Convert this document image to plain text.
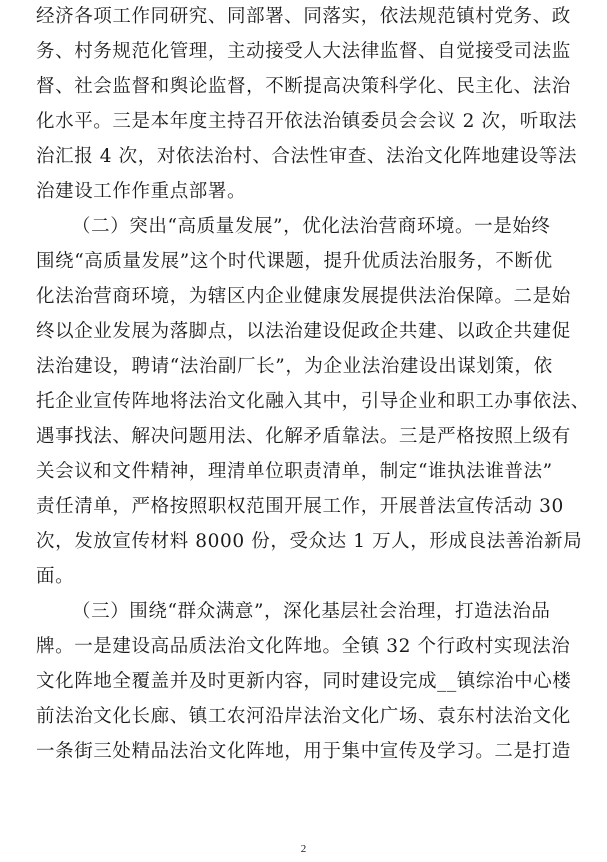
经济各项工作同研究、同部署、同落实，依法规范镇村党务、政
务、村务规范化管理，主动接受人大法律监督、自觉接受司法监
督、社会监督和舆论监督，不断提高决策科学化、民主化、法治
化水平。三是本年度主持召开依法治镇委员会会议 2 次，听取法
治汇报 4 次，对依法治村、合法性审查、法治文化阵地建设等法
治建设工作作重点部署。
（二）突出“高质量发展”，优化法治营商环境。一是始终
围绕“高质量发展”这个时代课题，提升优质法治服务，不断优
化法治营商环境，为辖区内企业健康发展提供法治保障。二是始
终以企业发展为落脚点，以法治建设促政企共建、以政企共建促
法治建设，聘请“法治副厂长”，为企业法治建设出谋划策，依
托企业宣传阵地将法治文化融入其中，引导企业和职工办事依法、
遇事找法、解决问题用法、化解矛盾靠法。三是严格按照上级有
关会议和文件精神，理清单位职责清单，制定“谁执法谁普法”
责任清单，严格按照职权范围开展工作，开展普法宣传活动 30
次，发放宣传材料 8000 份，受众达 1 万人，形成良法善治新局
面。
（三）围绕“群众满意”，深化基层社会治理，打造法治品
牌。一是建设高品质法治文化阵地。全镇 32 个行政村实现法治
文化阵地全覆盖并及时更新内容，同时建设完成__镇综治中心楼
前法治文化长廊、镇工农河沿岸法治文化广场、袁东村法治文化
一条街三处精品法治文化阵地，用于集中宣传及学习。二是打造
2
